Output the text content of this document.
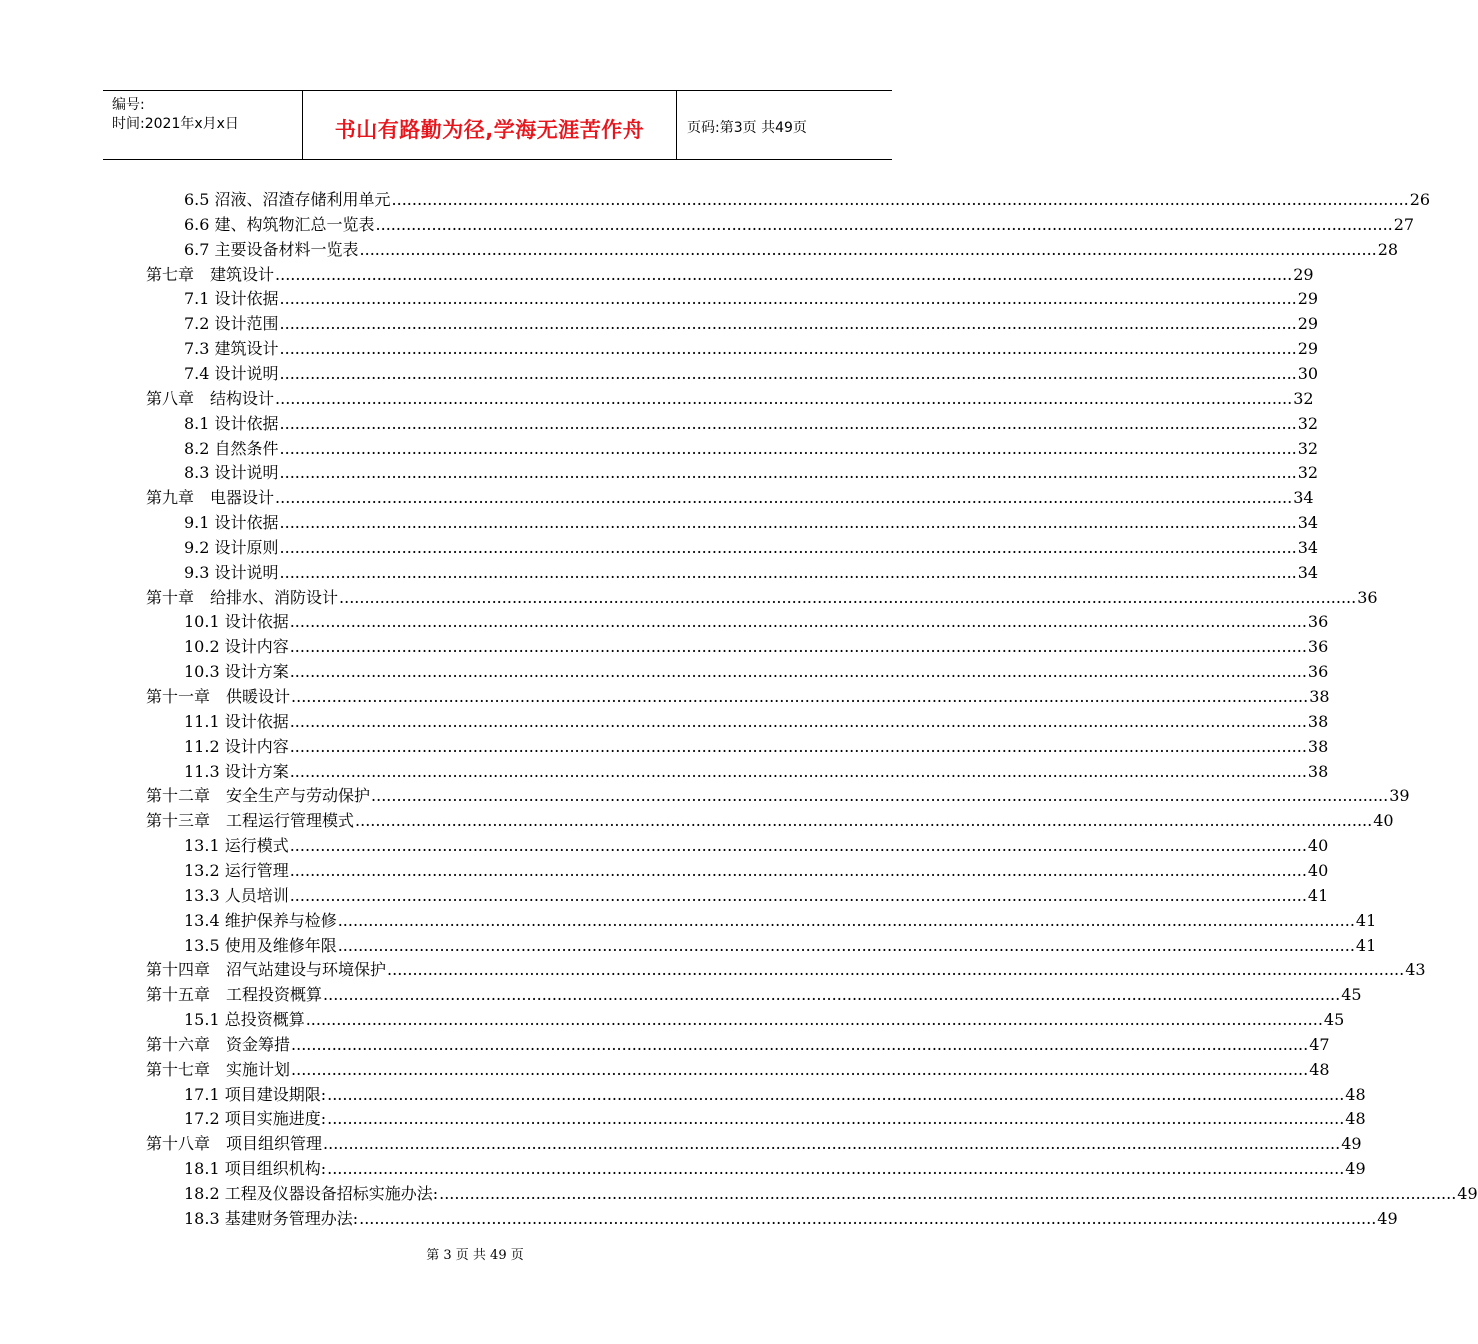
编号:
时间:2021年x月x日	书山有路勤为径,学海无涯苦作舟	页码:第3页 共49页
6.5 沼液、沼渣存储利用单元 ........................................................................................................................................................................................................ 26
6.6 建、构筑物汇总一览表 ........................................................................................................................................................................................................ 27
6.7 主要设备材料一览表 ........................................................................................................................................................................................................ 28
第七章　建筑设计 ........................................................................................................................................................................................................ 29
7.1 设计依据 ........................................................................................................................................................................................................ 29
7.2 设计范围 ........................................................................................................................................................................................................ 29
7.3 建筑设计 ........................................................................................................................................................................................................ 29
7.4 设计说明 ........................................................................................................................................................................................................ 30
第八章　结构设计 ........................................................................................................................................................................................................ 32
8.1 设计依据 ........................................................................................................................................................................................................ 32
8.2 自然条件 ........................................................................................................................................................................................................ 32
8.3 设计说明 ........................................................................................................................................................................................................ 32
第九章　电器设计 ........................................................................................................................................................................................................ 34
9.1 设计依据 ........................................................................................................................................................................................................ 34
9.2 设计原则 ........................................................................................................................................................................................................ 34
9.3 设计说明 ........................................................................................................................................................................................................ 34
第十章　给排水、消防设计 ........................................................................................................................................................................................................ 36
10.1 设计依据 ........................................................................................................................................................................................................ 36
10.2 设计内容 ........................................................................................................................................................................................................ 36
10.3 设计方案 ........................................................................................................................................................................................................ 36
第十一章　供暖设计 ........................................................................................................................................................................................................ 38
11.1 设计依据 ........................................................................................................................................................................................................ 38
11.2 设计内容 ........................................................................................................................................................................................................ 38
11.3 设计方案 ........................................................................................................................................................................................................ 38
第十二章　安全生产与劳动保护 ........................................................................................................................................................................................................ 39
第十三章　工程运行管理模式 ........................................................................................................................................................................................................ 40
13.1 运行模式 ........................................................................................................................................................................................................ 40
13.2 运行管理 ........................................................................................................................................................................................................ 40
13.3 人员培训 ........................................................................................................................................................................................................ 41
13.4 维护保养与检修 ........................................................................................................................................................................................................ 41
13.5 使用及维修年限 ........................................................................................................................................................................................................ 41
第十四章　沼气站建设与环境保护 ........................................................................................................................................................................................................ 43
第十五章　工程投资概算 ........................................................................................................................................................................................................ 45
15.1 总投资概算 ........................................................................................................................................................................................................ 45
第十六章　资金筹措 ........................................................................................................................................................................................................ 47
第十七章　实施计划 ........................................................................................................................................................................................................ 48
17.1 项目建设期限: ........................................................................................................................................................................................................ 48
17.2 项目实施进度: ........................................................................................................................................................................................................ 48
第十八章　项目组织管理 ........................................................................................................................................................................................................ 49
18.1 项目组织机构: ........................................................................................................................................................................................................ 49
18.2 工程及仪器设备招标实施办法: ........................................................................................................................................................................................................ 49
18.3 基建财务管理办法: ........................................................................................................................................................................................................ 49
第 3 页 共 49 页
